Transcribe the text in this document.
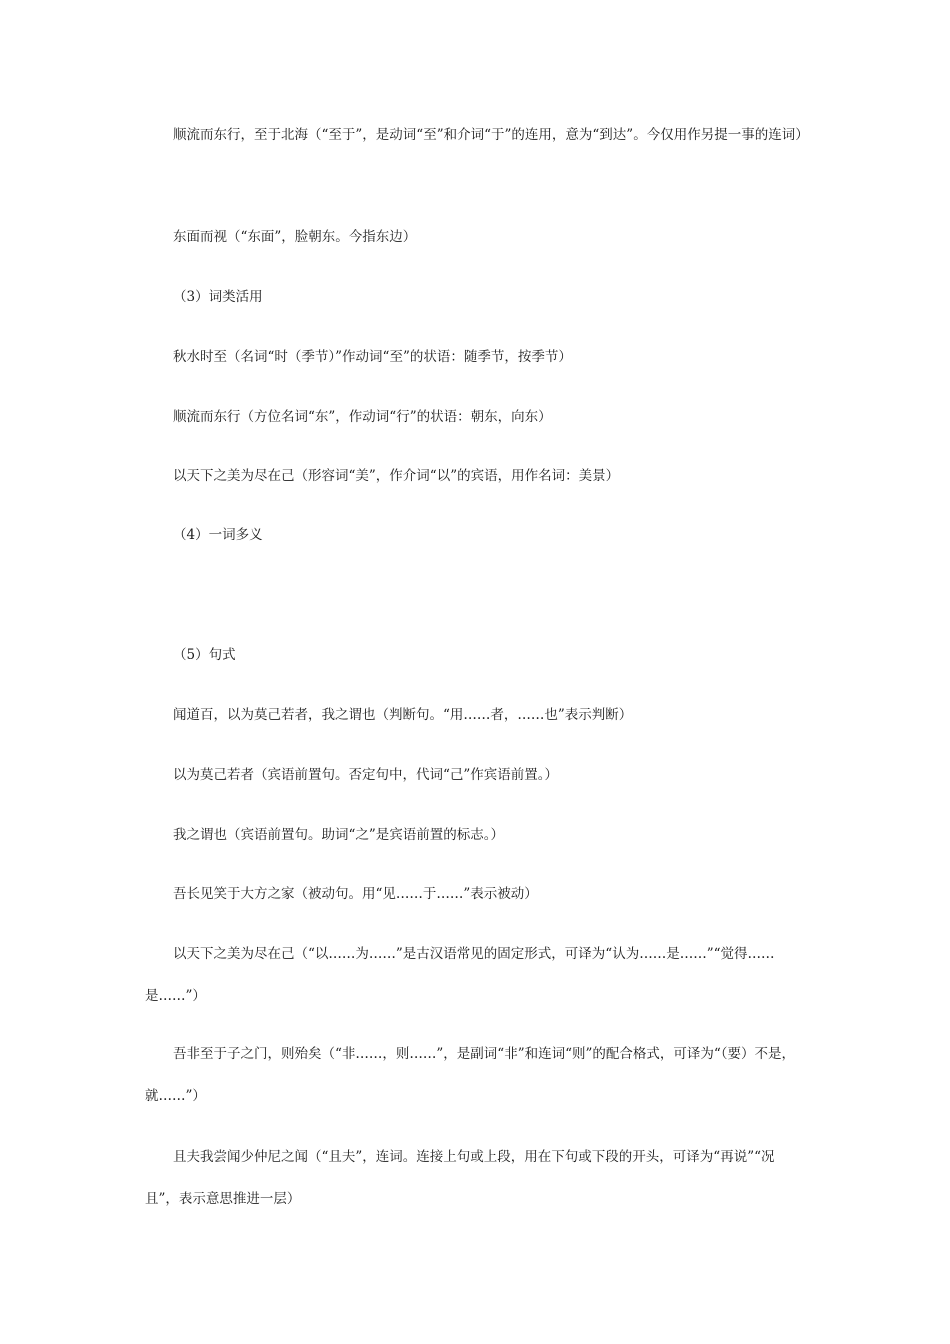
顺流而东行，至于北海（“至于”，是动词“至”和介词“于”的连用，意为“到达”。今仅用作另提一事的连词）

东面而视（“东面”，脸朝东。今指东边）

（3）词类活用

秋水时至（名词“时（季节）”作动词“至”的状语：随季节，按季节）

顺流而东行（方位名词“东”，作动词“行”的状语：朝东，向东）

以天下之美为尽在己（形容词“美”，作介词“以”的宾语，用作名词：美景）

（4）一词多义

（5）句式

闻道百，以为莫己若者，我之谓也（判断句。“用……者，……也”表示判断）

以为莫己若者（宾语前置句。否定句中，代词“己”作宾语前置。）

我之谓也（宾语前置句。助词“之”是宾语前置的标志。）

吾长见笑于大方之家（被动句。用“见……于……”表示被动）

以天下之美为尽在己（“以……为……”是古汉语常见的固定形式，可译为“认为……是……”“觉得……是……”）

吾非至于子之门，则殆矣（“非……，则……”，是副词“非”和连词“则”的配合格式，可译为“（要）不是，就……”）

且夫我尝闻少仲尼之闻（“且夫”，连词。连接上句或上段，用在下句或下段的开头，可译为“再说”“况且”，表示意思推进一层）
